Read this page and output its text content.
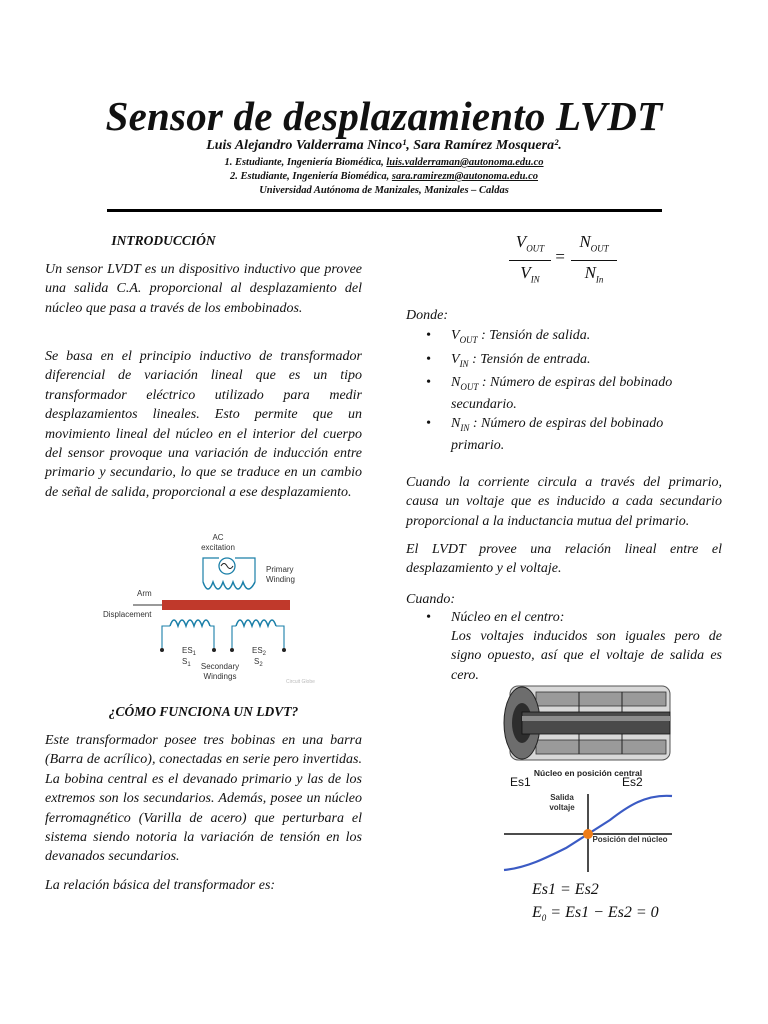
Sensor de desplazamiento LVDT
Luis Alejandro Valderrama Ninco¹, Sara Ramírez Mosquera².
1. Estudiante, Ingeniería Biomédica, luis.valderraman@autonoma.edu.co
2. Estudiante, Ingeniería Biomédica, sara.ramirezm@autonoma.edu.co
Universidad Autónoma de Manizales, Manizales – Caldas
INTRODUCCIÓN
Un sensor LVDT es un dispositivo inductivo que provee una salida C.A. proporcional al desplazamiento del núcleo que pasa a través de los embobinados.
Se basa en el principio inductivo de transformador diferencial de variación lineal que es un tipo transformador eléctrico utilizado para medir desplazamientos lineales. Esto permite que un movimiento lineal del núcleo en el interior del cuerpo del sensor provoque una variación de inducción entre primario y secundario, lo que se traduce en un cambio de señal de salida, proporcional a ese desplazamiento.
AC
excitation
Primary
Winding
Arm
Displacement
$ES_1$
$S_1$
$ES_2$
$S_2$
Secondary
Windings
Circuit Globe
¿CÓMO FUNCIONA UN LDVT?
Este transformador posee tres bobinas en una barra (Barra de acrílico), conectadas en serie pero invertidas. La bobina central es el devanado primario y las de los extremos son los secundarios. Además, posee un núcleo ferromagnético (Varilla de acero) que perturbara el sistema siendo notoria la variación de tensión en los devanados secundarios.
La relación básica del transformador es:
$V_{OUT}$
$V_{IN}$
=
$N_{OUT}$
$N_{In}$
Donde:
• $V_{OUT}$ : Tensión de salida.
• $V_{IN}$ : Tensión de entrada.
• $N_{OUT}$ : Número de espiras del bobinado
secundario.
• $N_{IN}$ : Número de espiras del bobinado
primario.
Cuando la corriente circula a través del primario, causa un voltaje que es inducido a cada secundario proporcional a la inductancia mutua del primario.
El LVDT provee una relación lineal entre el desplazamiento y el voltaje.
Cuando:
• Núcleo en el centro:
Los voltajes inducidos son iguales pero de signo opuesto, así que el voltaje de salida es cero.
Núcleo en posición central
Es1	Es2
Salida
voltaje
Posición del núcleo
Es1 = Es2
$E_0 = Es1 - Es2 = 0$
